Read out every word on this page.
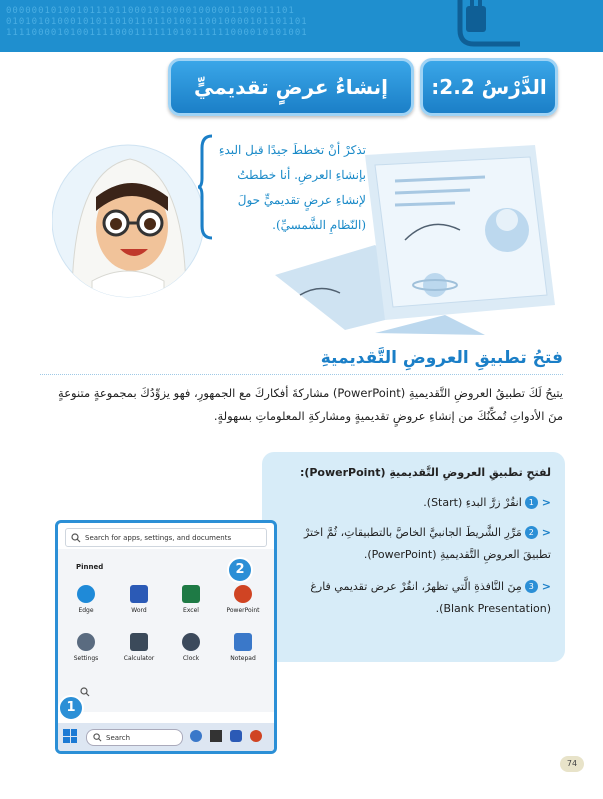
000000101001011101100010100001000001100011101
01010101000101011010110110100110010000101101101
11110000101001111000111111010111111000010101001
الدَّرْسُ 2.2:
إنشاءُ عرضٍ تقديميٍّ
تذكرْ أنْ تخططَ جيدًا قبل البدءِ
بإنشاءِ العرضِ. أنا خططتُ
لإنشاءِ عرضٍ تقديميٍّ حولَ
(النّظامِ الشَّمسيِّ).
فتحُ تطبيقِ العروضِ التَّقديميةِ
يتيحُ لَكَ تطبيقُ العروضِ التَّقديميةِ (PowerPoint) مشاركةَ أفكاركَ مع الجمهورِ، فهو يزوِّدُكَ بمجموعةٍ متنوعةٍ منَ الأدواتِ تُمكِّنُكَ من إنشاءِ عروضٍ تقديميةٍ ومشاركةِ المعلوماتِ بسهولةٍ.
لفتحِ تطبيقِ العروضِ التَّقديميةِ (PowerPoint):
<1انقُرْ زرَّ البدءِ (Start).
<2مَرِّرِ الشَّريطَ الجانبيَّ الخاصَّ بالتطبيقاتِ، ثُمَّ اخترْ تطبيقَ العروضِ التَّقديميةِ (PowerPoint).
<3مِنَ النَّافذةِ الَّتي تظهرُ، انقُرْ عرض تقديمي فارغ (Blank Presentation).
Search for apps, settings, and documents
Pinned
Edge	Word	Excel	PowerPoint
Settings	Calculator	Clock	Notepad
Search
2
1
74
